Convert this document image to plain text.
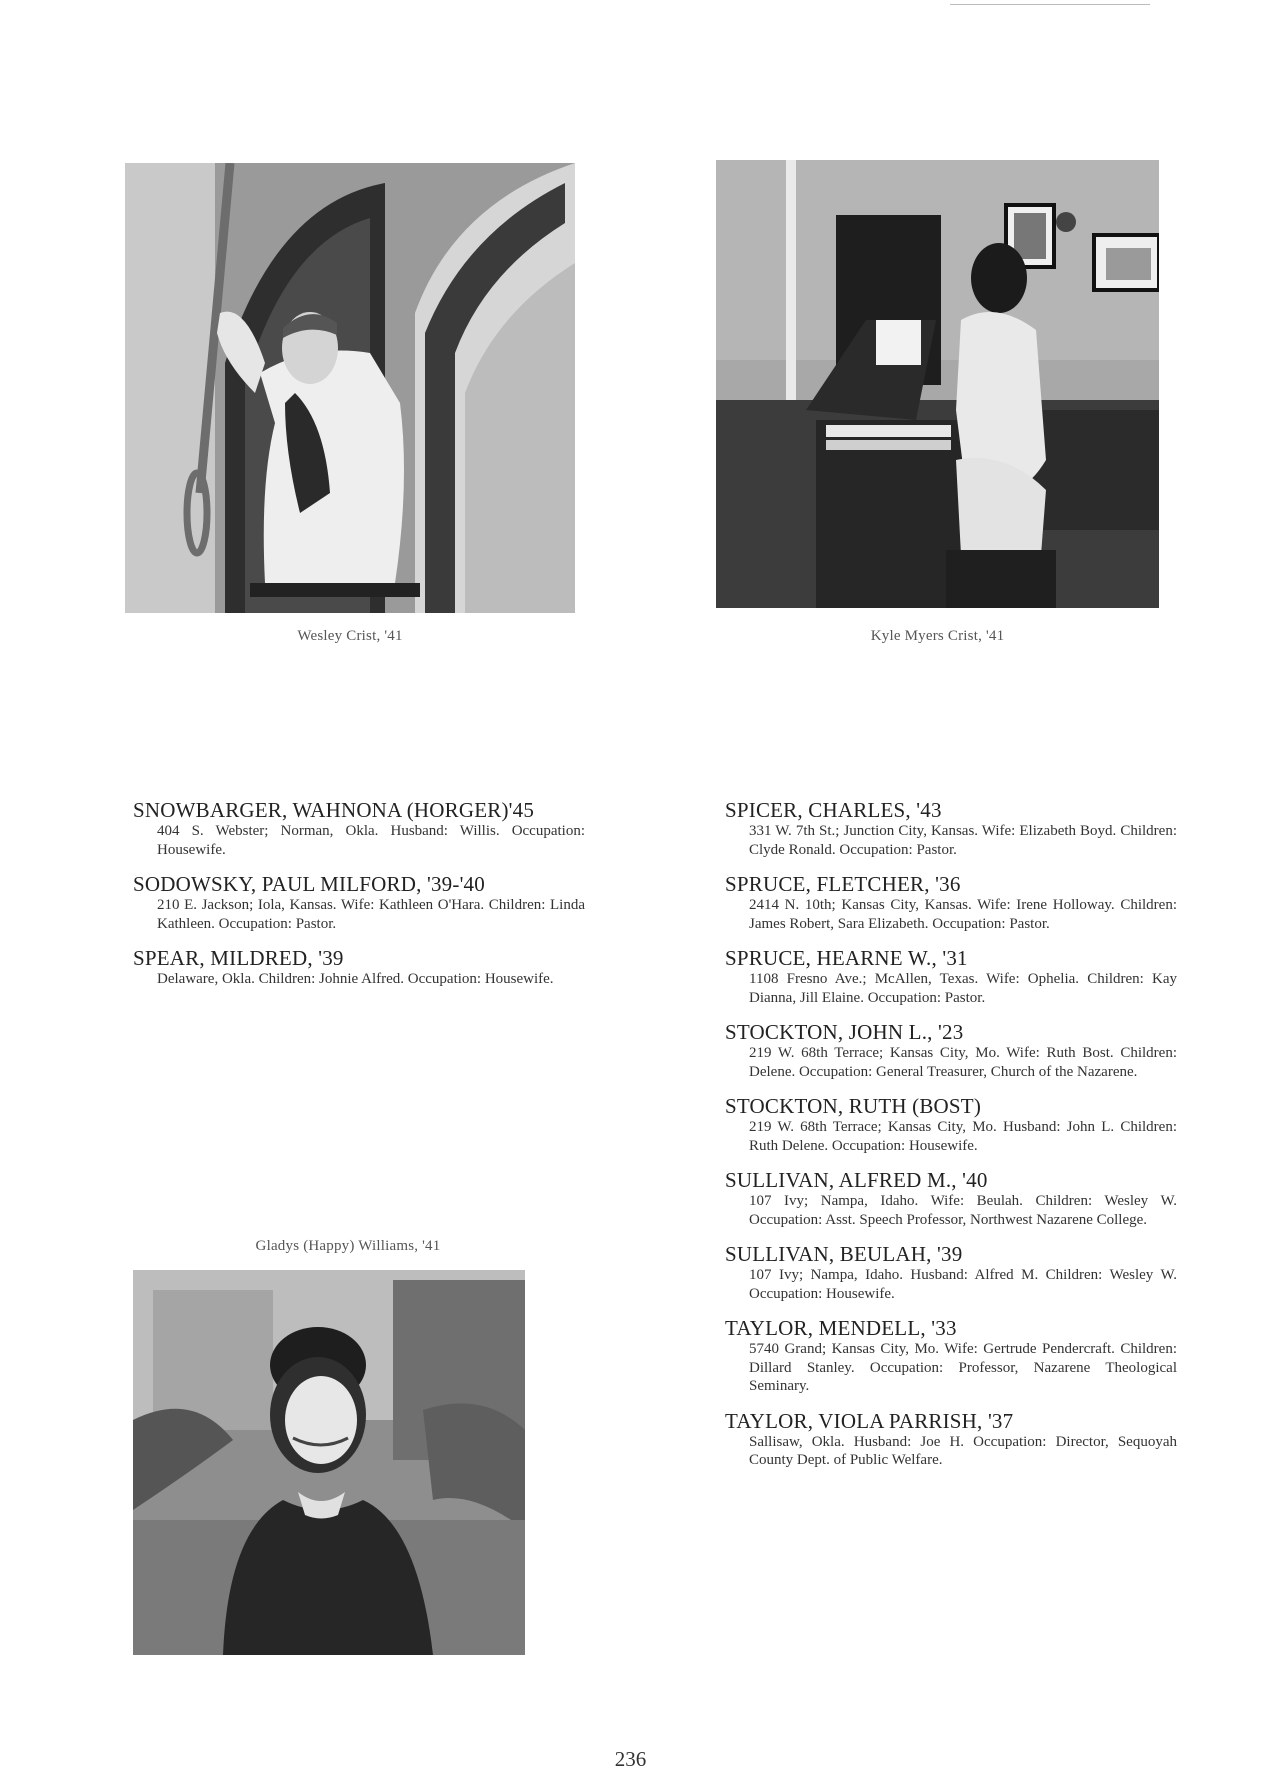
Wesley Crist, '41	Kyle Myers Crist, '41
SNOWBARGER, WAHNONA (HORGER)'45
404 S. Webster; Norman, Okla. Husband: Willis. Occupation: Housewife.
SODOWSKY, PAUL MILFORD, '39-'40
210 E. Jackson; Iola, Kansas. Wife: Kathleen O'Hara. Children: Linda Kathleen. Occupation: Pastor.
SPEAR, MILDRED, '39
Delaware, Okla. Children: Johnie Alfred. Occupation: Housewife.
SPICER, CHARLES, '43
331 W. 7th St.; Junction City, Kansas. Wife: Elizabeth Boyd. Children: Clyde Ronald. Occupation: Pastor.
SPRUCE, FLETCHER, '36
2414 N. 10th; Kansas City, Kansas. Wife: Irene Holloway. Children: James Robert, Sara Elizabeth. Occupation: Pastor.
SPRUCE, HEARNE W., '31
1108 Fresno Ave.; McAllen, Texas. Wife: Ophelia. Children: Kay Dianna, Jill Elaine. Occupation: Pastor.
STOCKTON, JOHN L., '23
219 W. 68th Terrace; Kansas City, Mo. Wife: Ruth Bost. Children: Delene. Occupation: General Treasurer, Church of the Nazarene.
STOCKTON, RUTH (BOST)
219 W. 68th Terrace; Kansas City, Mo. Husband: John L. Children: Ruth Delene. Occupation: Housewife.
SULLIVAN, ALFRED M., '40
107 Ivy; Nampa, Idaho. Wife: Beulah. Children: Wesley W. Occupation: Asst. Speech Professor, Northwest Nazarene College.
SULLIVAN, BEULAH, '39
107 Ivy; Nampa, Idaho. Husband: Alfred M. Children: Wesley W. Occupation: Housewife.
TAYLOR, MENDELL, '33
5740 Grand; Kansas City, Mo. Wife: Gertrude Pendercraft. Children: Dillard Stanley. Occupation: Professor, Nazarene Theological Seminary.
TAYLOR, VIOLA PARRISH, '37
Sallisaw, Okla. Husband: Joe H. Occupation: Director, Sequoyah County Dept. of Public Welfare.
Gladys (Happy) Williams, '41
236
